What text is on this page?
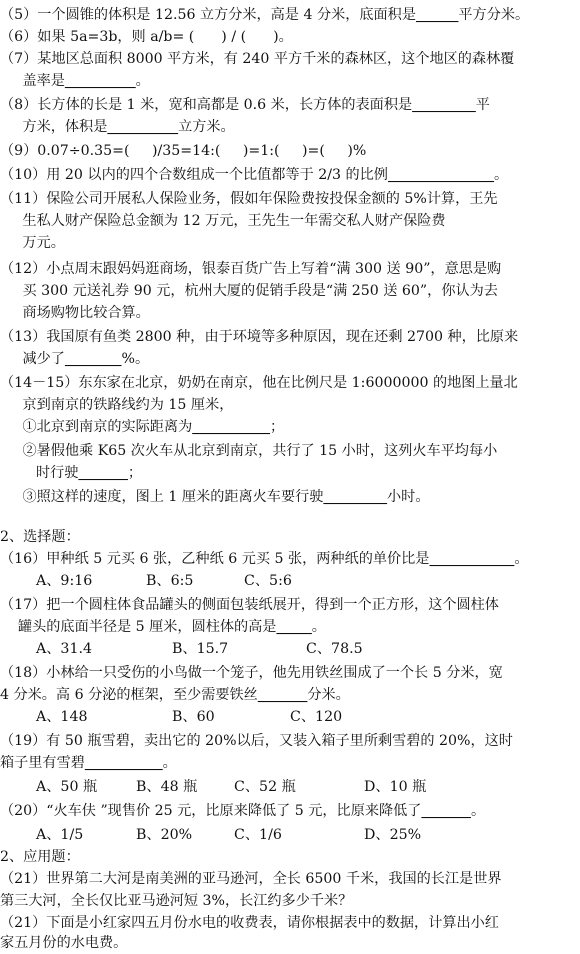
（5）一个圆锥的体积是 12.56 立方分米，高是 4 分米，底面积是______平方分米。
（6）如果 5a=3b，则 a/b= (      ) / (      )。
（7）某地区总面积 8000 平方米，有 240 平方千米的森林区，这个地区的森林覆
盖率是__________。
（8）长方体的长是 1 米，宽和高都是 0.6 米，长方体的表面积是_________平
方米，体积是__________立方米。
（9）0.07÷0.35=(     )/35=14:(     )=1:(     )=(     )%
（10）用 20 以内的四个合数组成一个比值都等于 2/3 的比例_______________。
（11）保险公司开展私人保险业务，假如年保险费按投保金额的 5%计算，王先
生私人财产保险总金额为 12 万元，王先生一年需交私人财产保险费
万元。
（12）小点周末跟妈妈逛商场，银泰百货广告上写着“满 300 送 90”，意思是购
买 300 元送礼券 90 元，杭州大厦的促销手段是“满 250 送 60”，你认为去
商场购物比较合算。
（13）我国原有鱼类 2800 种，由于环境等多种原因，现在还剩 2700 种，比原来
减少了________%。
（14－15）东东家在北京，奶奶在南京，他在比例尺是 1:6000000 的地图上量北
京到南京的铁路线约为 15 厘米，
①北京到南京的实际距离为___________；
②暑假他乘 K65 次火车从北京到南京，共行了 15 小时，这列火车平均每小
时行驶_______；
③照这样的速度，图上 1 厘米的距离火车要行驶_________小时。
2、选择题：
（16）甲种纸 5 元买 6 张，乙种纸 6 元买 5 张，两种纸的单价比是____________。
A、9:16	B、6:5	C、5:6
（17）把一个圆柱体食品罐头的侧面包装纸展开，得到一个正方形，这个圆柱体
罐头的底面半径是 5 厘米，圆柱体的高是_____。
A、31.4	B、15.7	C、78.5
（18）小林给一只受伤的小鸟做一个笼子，他先用铁丝围成了一个长 5 分米，宽
4 分米。高 6 分泌的框架，至少需要铁丝_______分米。
A、148	B、60	C、120
（19）有 50 瓶雪碧，卖出它的 20%以后，又装入箱子里所剩雪碧的 20%，这时
箱子里有雪碧___________。
A、50 瓶	B、48 瓶	C、52 瓶	D、10 瓶
（20）“火车伕 ”现售价 25 元，比原来降低了 5 元，比原来降低了_______。
A、1/5	B、20%	C、1/6	D、25%
2、应用题：
（21）世界第二大河是南美洲的亚马逊河，全长 6500 千米，我国的长江是世界
第三大河，全长仅比亚马逊河短 3%，长江约多少千米？
（21）下面是小红家四五月份水电的收费表，请你根据表中的数据，计算出小红
家五月份的水电费。
